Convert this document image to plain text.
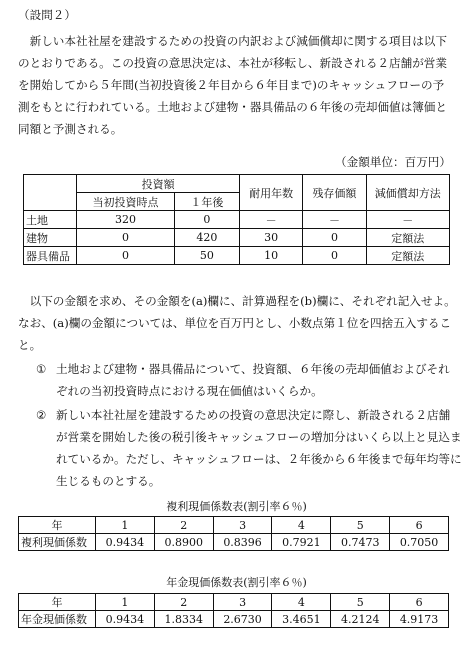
（設問２）
　新しい本社社屋を建設するための投資の内訳および減価償却に関する項目は以下
のとおりである。この投資の意思決定は、本社が移転し、新設される２店舗が営業
を開始してから５年間(当初投資後２年目から６年目まで)のキャッシュフローの予
測をもとに行われている。土地および建物・器具備品の６年後の売却価値は簿価と
同額と予測される。
（金額単位：百万円）
	投資額		耐用年数	残存価額	減価償却方法
	当初投資時点	１年後			
土地	320	0	－	－	－
建物	0	420	30	0	定額法
器具備品	0	50	10	0	定額法
　以下の金額を求め、その金額を(a)欄に、計算過程を(b)欄に、それぞれ記入せよ。
なお、(a)欄の金額については、単位を百万円とし、小数点第１位を四捨五入するこ
と。
① 土地および建物・器具備品について、投資額、６年後の売却価値およびそれ
ぞれの当初投資時点における現在価値はいくらか。
② 新しい本社社屋を建設するための投資の意思決定に際し、新設される２店舗
が営業を開始した後の税引後キャッシュフローの増加分はいくら以上と見込ま
れているか。ただし、キャッシュフローは、２年後から６年後まで毎年均等に
生じるものとする。
複利現価係数表(割引率６％)
年	1	2	3	4	5	6
複利現価係数	0.9434	0.8900	0.8396	0.7921	0.7473	0.7050
年金現価係数表(割引率６％)
年	1	2	3	4	5	6
年金現価係数	0.9434	1.8334	2.6730	3.4651	4.2124	4.9173
